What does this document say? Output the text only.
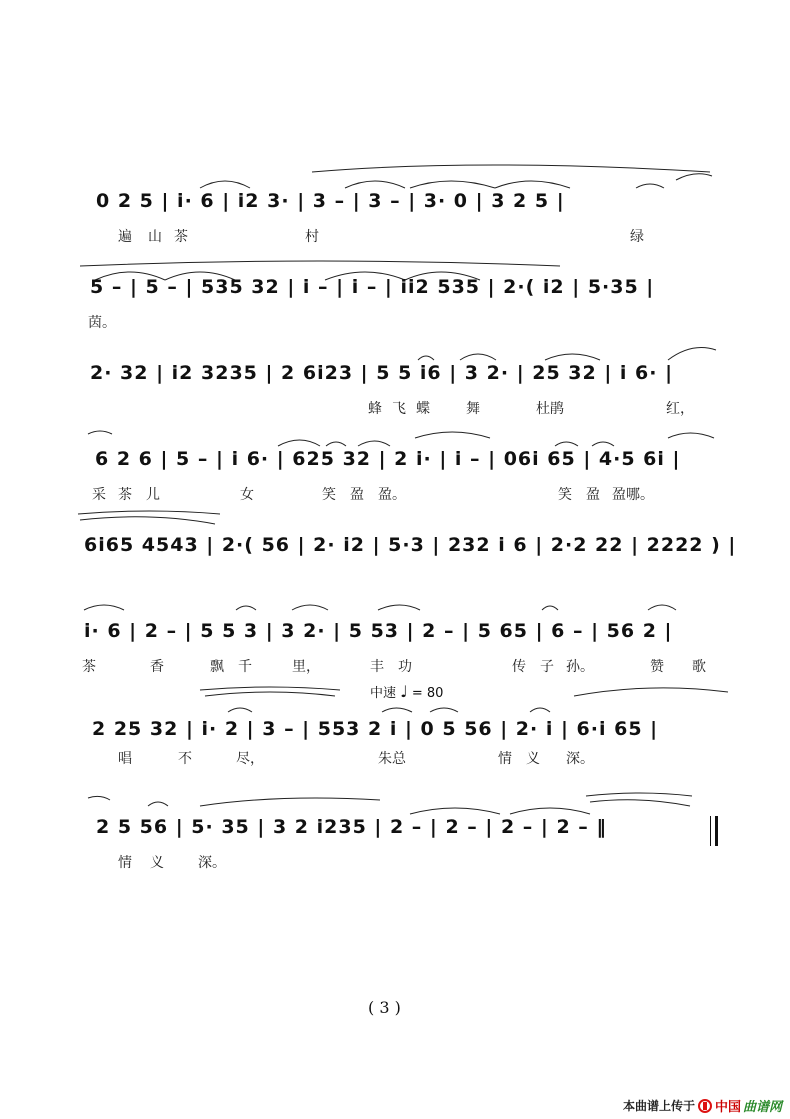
0 2 5 | i· 6 | i2 3· | 3 – | 3 – | 3· 0 | 3 2 5 |
遍 山 茶	村	绿
5 – | 5 – | 535 32 | i – | i – | ii2 535 | 2·( i2 | 5·35 |
茵。
2· 32 | i2 3235 | 2 6i23 | 5 5 i6 | 3 2· | 25 32 | i 6· |
蜂 飞 蝶	舞	杜鹃	红，
6 2 6 | 5 – | i 6· | 625 32 | 2 i· | i – | 06i 65 | 4·5 6i |
采 茶 儿	女	笑 盈 盈。	笑 盈 盈哪。
6i65 4543 | 2·( 56 | 2· i2 | 5·3 | 232 i 6 | 2·2 22 | 2222 ) |
i· 6 | 2 – | 5 5 3 | 3 2· | 5 53 | 2 – | 5 65 | 6 – | 56 2 |
茶	香	飘 千	里，	丰 功	传 子 孙。	赞 歌
中速 ♩ = 80
2 25 32 | i· 2 | 3 – | 553 2 i | 0 5 56 | 2· i | 6·i 65 |
唱	不	尽，	朱总	情 义 深。
2 5 56 | 5· 35 | 3 2 i235 | 2 – | 2 – | 2 – | 2 – ‖
情 义 深。
( 3 )
本曲谱上传于 中国 曲谱网
